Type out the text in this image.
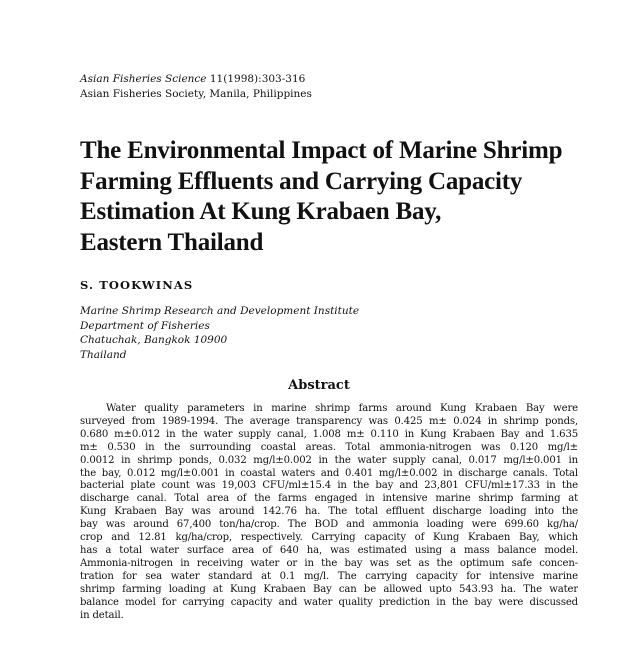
Asian Fisheries Science 11(1998):303-316
Asian Fisheries Society, Manila, Philippines
The Environmental Impact of Marine Shrimp
Farming Effluents and Carrying Capacity
Estimation At Kung Krabaen Bay,
Eastern Thailand
S. TOOKWINAS
Marine Shrimp Research and Development Institute
Department of Fisheries
Chatuchak, Bangkok 10900
Thailand
Abstract
Water quality parameters in marine shrimp farms around Kung Krabaen Bay were
surveyed from 1989-1994. The average transparency was 0.425 m± 0.024 in shrimp ponds,
0.680 m±0.012 in the water supply canal, 1.008 m± 0.110 in Kung Krabaen Bay and 1.635
m± 0.530 in the surrounding coastal areas. Total ammonia-nitrogen was 0.120 mg/l±
0.0012 in shrimp ponds, 0.032 mg/l±0.002 in the water supply canal, 0.017 mg/l±0.001 in
the bay, 0.012 mg/l±0.001 in coastal waters and 0.401 mg/l±0.002 in discharge canals. Total
bacterial plate count was 19,003 CFU/ml±15.4 in the bay and 23,801 CFU/ml±17.33 in the
discharge canal. Total area of the farms engaged in intensive marine shrimp farming at
Kung Krabaen Bay was around 142.76 ha. The total effluent discharge loading into the
bay was around 67,400 ton/ha/crop. The BOD and ammonia loading were 699.60 kg/ha/
crop and 12.81 kg/ha/crop, respectively. Carrying capacity of Kung Krabaen Bay, which
has a total water surface area of 640 ha, was estimated using a mass balance model.
Ammonia-nitrogen in receiving water or in the bay was set as the optimum safe concen-
tration for sea water standard at 0.1 mg/l. The carrying capacity for intensive marine
shrimp farming loading at Kung Krabaen Bay can be allowed upto 543.93 ha. The water
balance model for carrying capacity and water quality prediction in the bay were discussed
in detail.
